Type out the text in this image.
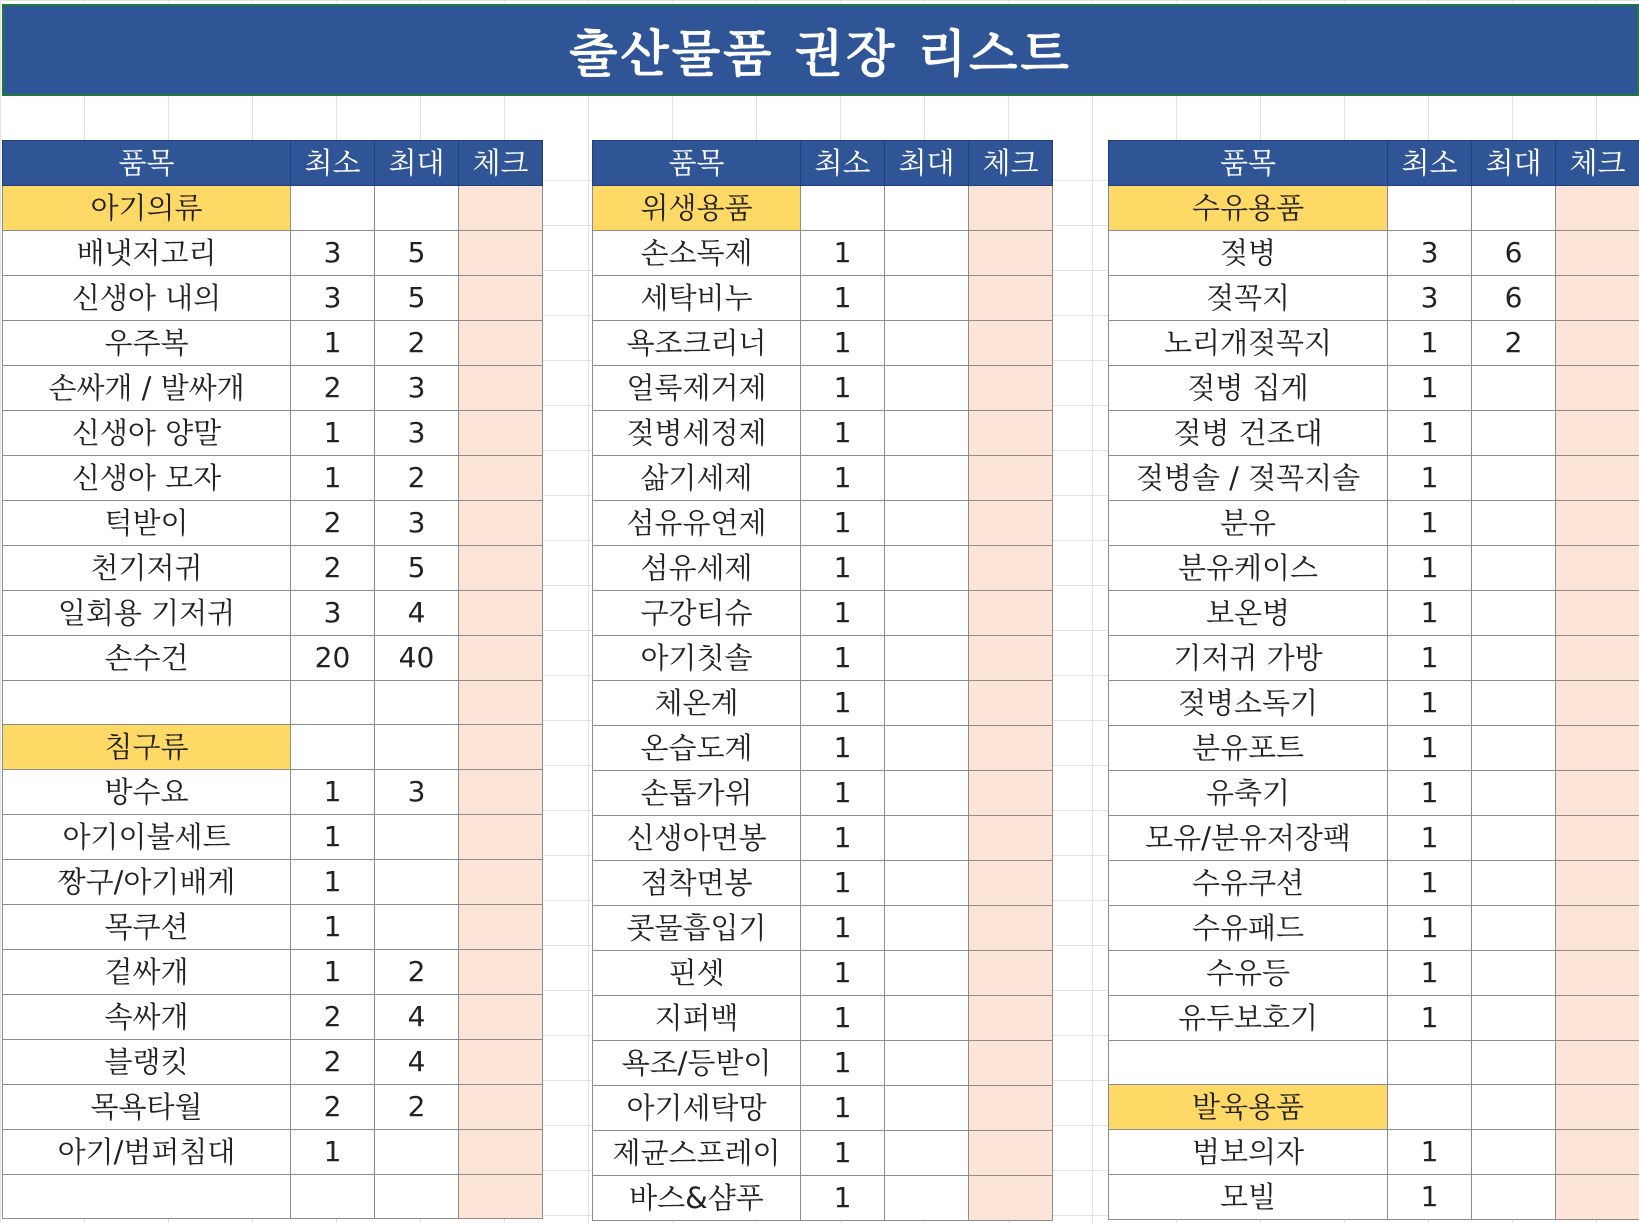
출산물품 권장 리스트
품목	최소	최대	체크
아기의류			
배냇저고리	3	5	
신생아 내의	3	5	
우주복	1	2	
손싸개 / 발싸개	2	3	
신생아 양말	1	3	
신생아 모자	1	2	
턱받이	2	3	
천기저귀	2	5	
일회용 기저귀	3	4	
손수건	20	40	

침구류			
방수요	1	3	
아기이불세트	1		
짱구/아기배게	1		
목쿠션	1		
겉싸개	1	2	
속싸개	2	4	
블랭킷	2	4	
목욕타월	2	2	
아기/범퍼침대	1		

품목	최소	최대	체크
위생용품			
손소독제	1		
세탁비누	1		
욕조크리너	1		
얼룩제거제	1		
젖병세정제	1		
삶기세제	1		
섬유유연제	1		
섬유세제	1		
구강티슈	1		
아기칫솔	1		
체온계	1		
온습도계	1		
손톱가위	1		
신생아면봉	1		
점착면봉	1		
콧물흡입기	1		
핀셋	1		
지퍼백	1		
욕조/등받이	1		
아기세탁망	1		
제균스프레이	1		
바스&샴푸	1		
품목	최소	최대	체크
수유용품			
젖병	3	6	
젖꼭지	3	6	
노리개젖꼭지	1	2	
젖병 집게	1		
젖병 건조대	1		
젖병솔 / 젖꼭지솔	1		
분유	1		
분유케이스	1		
보온병	1		
기저귀 가방	1		
젖병소독기	1		
분유포트	1		
유축기	1		
모유/분유저장팩	1		
수유쿠션	1		
수유패드	1		
수유등	1		
유두보호기	1		

발육용품			
범보의자	1		
모빌	1		
